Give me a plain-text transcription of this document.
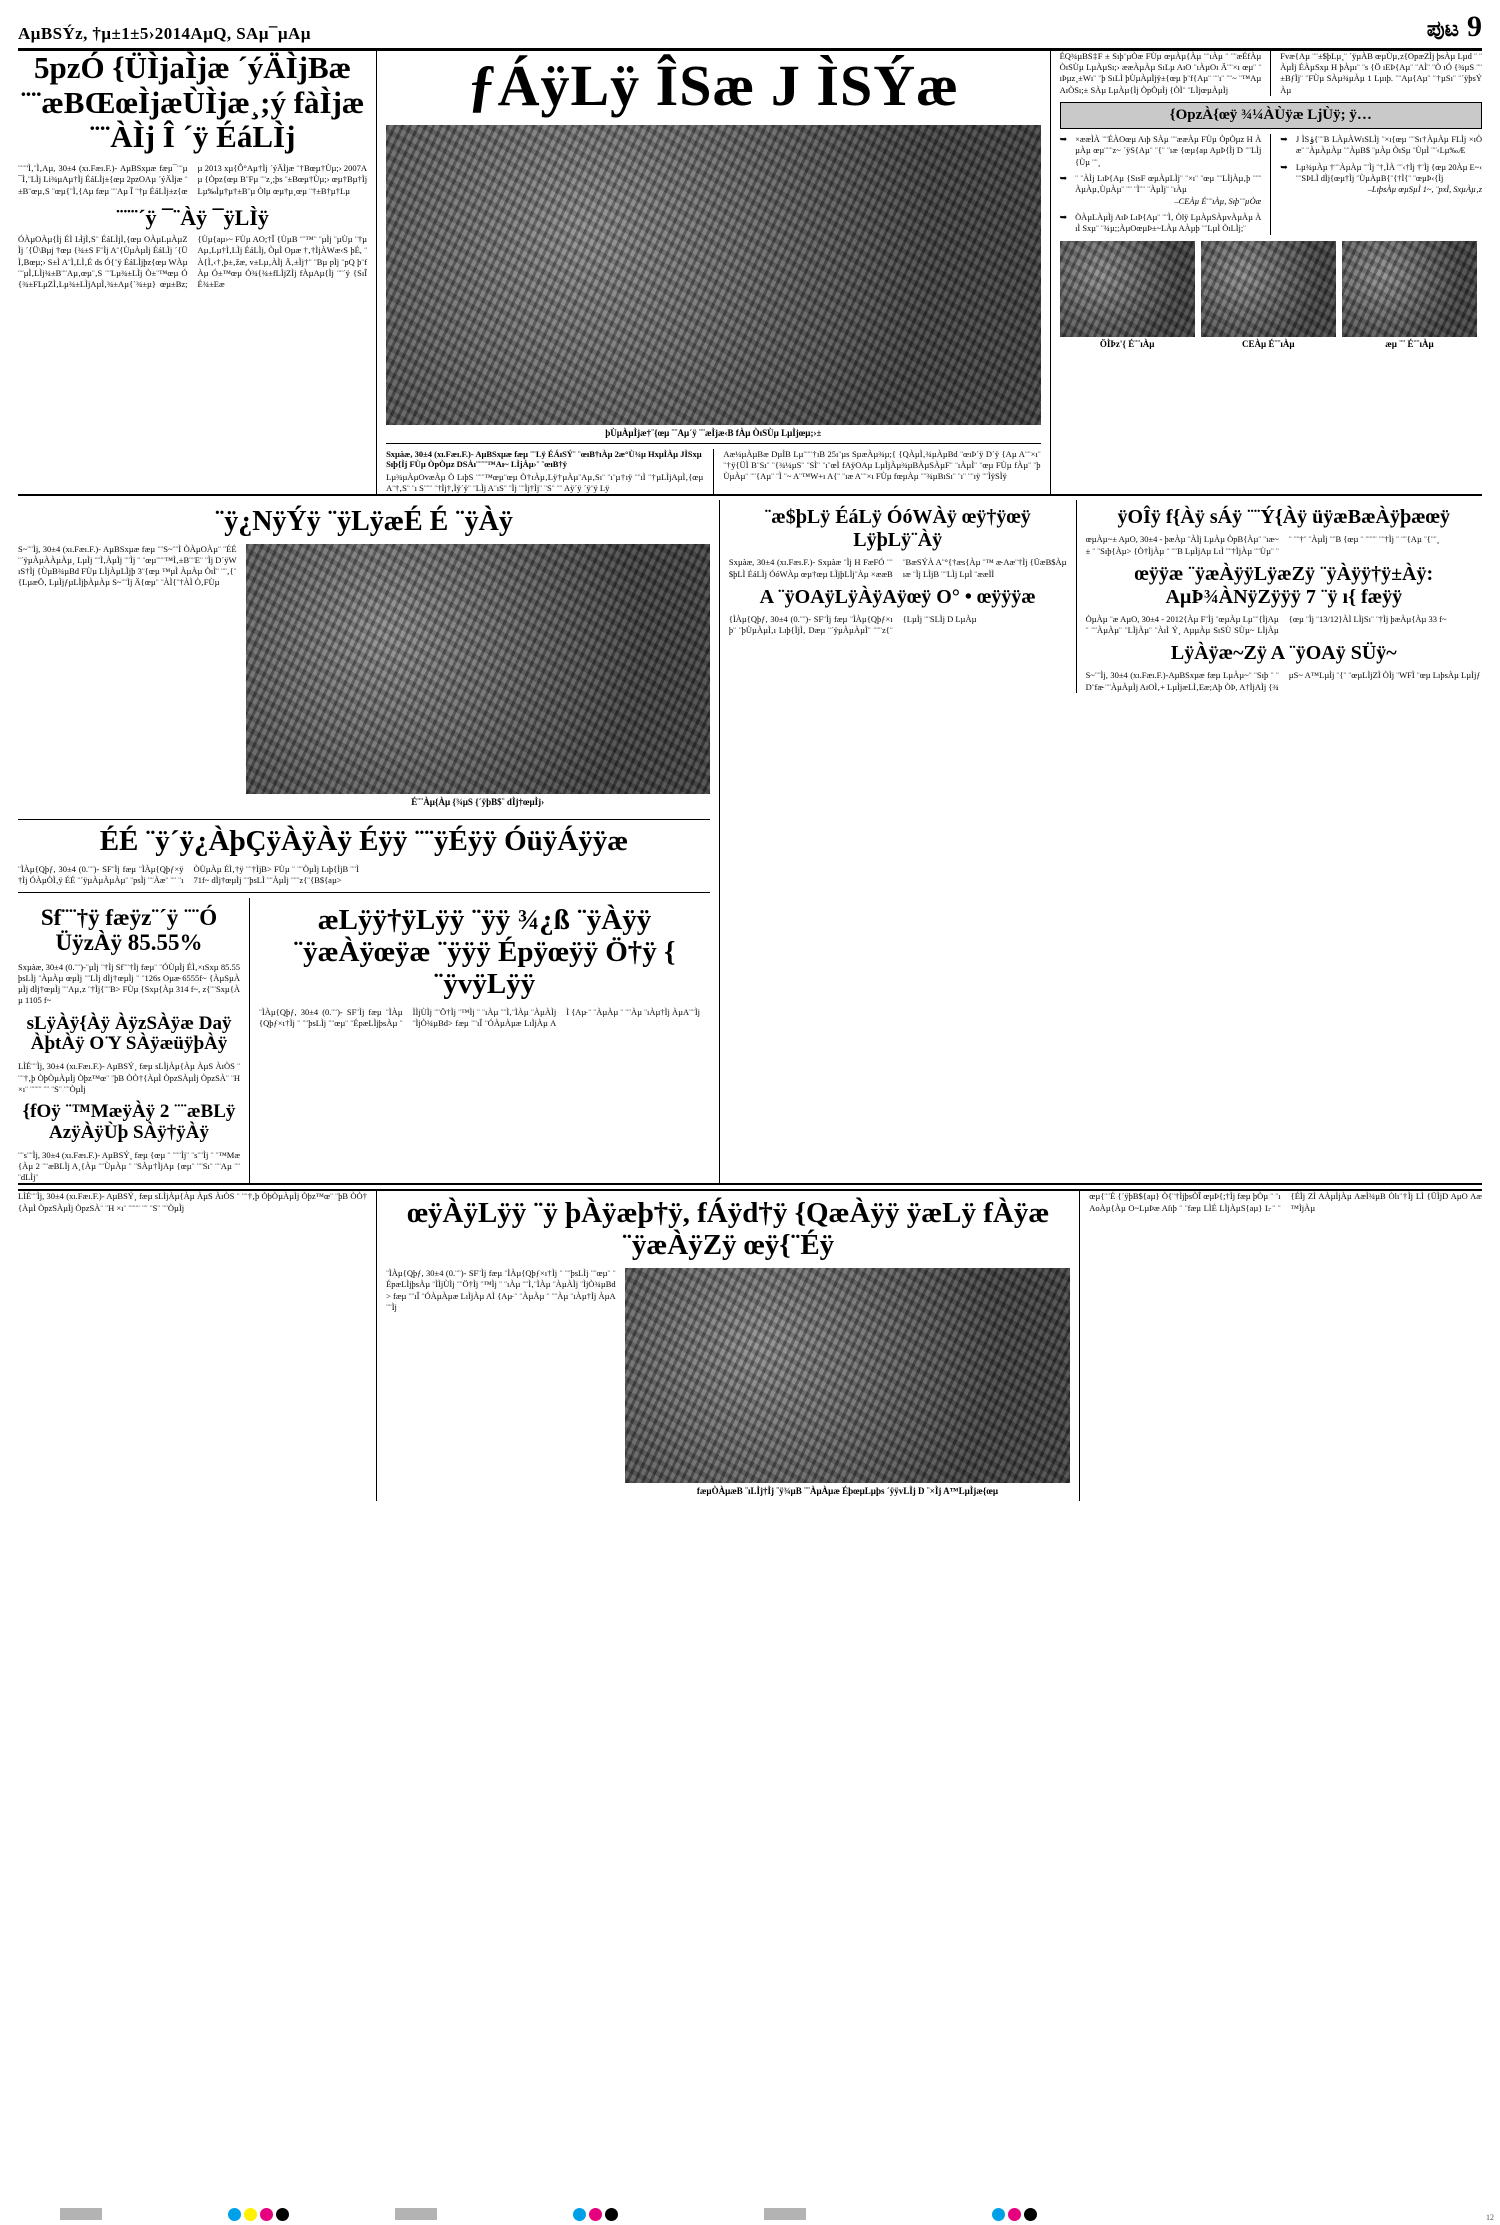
AµBSÝz, †µ±1±5›2014AµQ, SAµ¯µAµ	ಪುಟ 9
5pzÓ {ÜÌjaÌjæ ´ýÄÌjBæ ¨¨æBŒœÌjæÙÌjæ¸;ý fàÌjæ ¨¨ÀÌj Î ´ÿ ÉáLÌj
¨¨¨'Ì‚¨Ì‚Aµ, 30±4 (xı.Fæı.F.)- AµBSxµæ fæµ¯¨¨µ ¯Ì‚¨LÌj Li¾µAµ†Ìj ÉáLÌj±{œµ 2pzOAµ ´ýÄÌjæ ¨±B¨œµ‚S ¨œµ{¨Ì‚{Aµ fæµ ¨¨Aµ Î ¨†µ ÉáLÌj±z{œµ 2013 xµ{Ô°Aµ†Ìj ´ýÄÌjæ ¨†Bœµ†Ùµ;› 2007Aµ {Òpz{œµ B¨Fµ ¨¨z¸;þs ¨±Bœµ†Ùµ;› œµ†Bµ†Ìj Lµ‰Ìµ†µ†±B¨µ Òlµ œµ†µ¸œµ ¨†±B†µ†Lµ
¨¨¨´ÿ ¯¨Àÿ ¯ÿLÌÿ
ÓÀµOÀµ{Ìj ÉÌ L̵ÌjÌ‚S¨ ÉáLÌjÌ‚{œµ OÀµLµÀµZÌj ´{Ü\Bµj †œµ {¾±S F¨Ìj A¨{ÙµÀµÌj ÉáLÌj ´{ÜÌ‚Bœµ;› S±Ì A¨Ì‚LÌ‚É ds Ó{¨ÿ ÉáLÌjþz{œµ WÀµ ¨¨µÌ‚LÌj¾±B¨¨Aµ‚œµ¨‚S ¨¨Lµ¾±LÌj Ò±¨™œµ Ó{¾±FLµZÌ‚Lµ¾±LÌjAµÌ‚¾±Aµ{`¾±µ} œµ±Bz;{Ùµ{aµ›~ FÙµ AO;†Î {ÙµB ¨¨™¨ ¨µÌj ¨µÙµ ¨†µAµ‚Lµ†Ì‚LÌj ÉáLÌj, ÒµÌ Oµæ †‚†ÌjÀWæ‹S þÉ, ¨À{Ì‚‹†‚þ±‚žæ, v±Lµ‚ÀÌj Ä‚±Ìj†¨ ¨Bµ pÌj ¨pQ þ¨fÀµ Ó±™œµ Ó¾{¾±fLÌjZÌj fÀµAµ{Ìj ¨¨´ÿ {SıÎ É¾±Eæ
ƒÁÿLÿ ÎSæ J ÌSÝæ
þÙµÀµÌjæ†¨{œµ ¨¨Aµ´ÿ ¨¨æÌjæ‹B fÀµ ÒıSÙµ LµÌjœµ;›±
Sxµàæ, 30±4 (xı.Fæı.F.)- AµBSxµæ fæµ ¨¨Lÿ ÉÁıSÝ¨ ¨œıB†ıÀµ 2æ°Ù¾µ HxµÌÀµ JÌSxµ Sıþ{Ìj FÙµ ÒpÒµz DSÀı¨¨¨¨™Aı~ LÌjÀµ›¨ ¨œıB†ÿ
Lµ¾µÀµOvæÀµ Ò LıþS ¨¨¨™œµ¨œµ Ò†ıÀµ‚Lÿ†µÀµ¨Aµ‚Sı¨ ¨ı¨µ†ıÿ ¨¨ıÌ ¨†µLÌjAµÌ‚{œµ A¨†‚S¨ ¨ı S¨¨¨ ¨†Ìj†‚Ìÿ´ÿ¨ ¨LÌj A¨ıS¨ ¨Ìj ¨¨Ìj†Ìj¨ ¨S¨ ¨¨ Aÿ´ÿ ´ÿ¨ÿ Lÿ
Aæ¼µÀµBæ DµÌB Lµ¨¨¨†ıB 25ı¨µs SµæÀµ¾µ;{ {QÀµÌ‚¾µÀµBd ¨œıÞ´ÿ D´ÿ {Aµ A¨¨×ı¨ ¨†ÿ{ÜÌ B¨Sı¨ ¨{¾¼µS¨ ¨SÌ¨ ¨ı¨œÌ fAÿOAµ LµÌjÀµ¾µBÀµSÀµF¨ ¨ıÀµÌ¨ ¨œµ FÙµ fÀµ¨ ¨þÙµÀµ¨ ¨¨{Aµ¨ ¨Ì ¨~ A¨™W+ı A{¨ ¨ıæ A¨¨×ı FÙµ fœµÀµ ¨¨¾µBıSı¨ ¨ı¨ ¨¨ıÿ ¨¨ÌÿSÌÿ
ÉQ¾µBS‡F ± Sıþ¨µÒæ FÙµ œµÀµ{Àµ ¨¨ıÀµ ¨ ¨¨æÉfÀµ ÒıSÙµ LµÀµSı;› ææÀµÀµ SıLµ AıO ¨ıÀµOı Ä¨¨×ı œµ¨ ¨ıÞµz¸±Wı¨ ¨þ SıLÌ þÙµÀµÌjÿ±{œµ þ¨f{Aµ¨ ¨¨ı¨ ¨¨~ ¨™Aµ AıÒSı;± SÀµ LµÀµ{Ìj ÒpÒµÌj {ÒÌ¨ ¨LÌjœµÀµÌj
Fvæ{Aµ ¨¨±$þLµ¸¨ ´ÿµÀB œµÙµ‚z{OpæZÌj þsÀµ Lµd ¨ ¨ÀµÌj ÉÀµSxµ H þÀµı¨ ¨s {Ö ıEÞ{Aµ¨ ¨AÌ¨ ¨Ò ıÓ {¾µS ¨¨±BƒÌj¨ ¨FÙµ SÀµ¾µÀµ 1 Lµıþ. ¨¨Aµ{Aµ¨ ¨†µSı¨ ¨´ÿþsÝÀµ
{OpzÀ{œÿ ¾¼ÀÙÿæ LjÙÿ; ÿ…
➥ ×ææÌÀ ¨¨ÉÀOœµ Aıþ SÀµ ¨¨ææÀµ FÙµ ÒpÒµz H ÀµÀµ œµ¨¨¨z~ ´ÿS{Aµ¨ ¨{¨ ¨ıæ {œµ{aµ AµÞ{Ìj D ¨¨LÌj {Ùµ ¨¨¸
➥ ¨ ¨ÀÌj LıÞ{Aµ {SısF œµÀµLÌj¨ ¨×ı¨ ¨œµ ¨¨LÌjÀµ‚þ ¨¨¨ÀµÀµ‚ÙµÀµ¨ ¨¨ ¨Ì¨¨ ¨ÀµÌj¨ ¨ıÀµ
–CEÀµ É¨¨ıÀµ, Sıþ¨¨µÒæ
➥ ÒÀµLÀµÌj AıÞ LıÞ{Aµ¨ ¨¨Ì‚ Òlÿ LµÀµSÀµvÀµÀµ ÀıÌ Sxµ¨ ¨¾µ;;ÀµOœµÞ±~LÀµ AÀµþ ¨¨LµÌ ÒıLÌj;¨
➥ J ÌSݸ{¨¨B LÀµÀWıSLÌj ¨×ı{œµ ¨¨Sı†ÀµÀµ FLÌj ×ıÒæ¨ ¨ÀµÀµÀµ ¨¨ÀµB$ ¨µÀµ ÒıSµ ¨ÙµÌ ¨¨‹Lµ‰Æ
➥ Lµ¾µÀµ †¨¨ÀµÀµ ¨¨Ìj ¨†‚ÌÀ ¨¨‹†Ìj †¨Ìj {œµ 20Àµ E~‹ ¨¨SÞLÌ dÌj{œµ†Ìj ¨ÙµÀµB{¨{†Ì{¨ ¨œµÞ‹{Ìj
–LıþsÀµ œµSµÌ 1~, ¨pxÌ, SxµÀµ‚z
ÖÌÞz'{ É¨¨ıÀµ	CEÀµ É¨¨ıÀµ	æµ ¨¨ É¨¨ıÀµ
¨ÿ¿NÿÝÿ ¨ÿLÿæÉ É ¨ÿÀÿ
S~¨¨Ìj, 30±4 (xı.Fæı.F.)- AµBSxµæ fæµ ¨¨S~¨¨Ì ÒÀµOÀµ¨ ¨ÉÉ ¨´ÿµÀµÀÀµÀµ¸ LµÌj ¨¨Ì‚ÀµÌj ¨¨Ìj ¨ ¨œµ¨¨¨™Ì‚±B¨¨E¨ ¨Ìj D´ÿWıS†Ìj {ÙµB¾µBd FÙµ LÌjÀµLÌjþ 3¨{œµ ™µÌ ÀµÀµ ÒıÌ¨ ¨¨‚{¨{LµæÖ‚ LµÌjƒµLÌjþÀµÀµ S~¨¨Ìj Ä{œµ¨ ¨ÀÌ{¨†ÀÌ Ò‚FÙµ
É¨¨Àµ{Àµ {¾µS {´ÿþB$¨ dÌj†œµÌj›
ÉÉ ¨ÿ´ÿ¿ÀþÇÿÀÿÀÿ Éÿÿ ¨¨ÿÉÿÿ ÓüÿÁÿÿæ
¨ÌÀµ{Qþƒ, 30±4 (0.¨¨)- SF¨Ìj fæµ ¨ÌÀµ{Qþƒ×ÿ†Ìj ÓÀµÒÌ‚ÿ ÉÉ ¨´ÿµÀµÀµÀµ¨ ¨psÌj ¨¨Àæ¨ ¨¨ ¨ıÒÙµÀµ ÉÌ‚†ÿ ¨¨†ÌjB> FÙµ ¨ ¨¨ÒµÌj Lıþ{ÌjB ¨¨Ì 71f~ dÌj†œµÌj ¨¨þsLÌ ¨¨ÀµÌj ¨¨¨z{¨{B${aµ>
Sf¨¨†ÿ fæÿz¨´ÿ ¨¨Ó ÜÿzÀÿ 85.55%
Sxµàæ, 30±4 (0.¨¨)-¨µÌj ¨†Ìj Sf¨¨†Ìj fæµ¨ ¨ÓÙµÌj ÉÌ‚×ıSxµ 85.55 þsLÌj ¨ÀµÀµ œµÌj ¨¨LÌj dÌj†œµÌj ¨ ¨126s Oµæ̵ 6555f~ {ÀµSµÀµÌj dÌj†œµÌj ¨¨Aµ‚z ¨†Ìj{¨¨B> FÙµ {Sxµ{Àµ 314 f~, z{¨¨Sxµ{Àµ 1105 f~
sLÿÀÿ{Àÿ ÀÿzSÀÿæ Daÿ ÀþtÀÿ O ̈Y SÀÿæüÿþÀÿ
LÌÉ¨¨Ìj, 30±4 (xı.Fæı.F.)- AµBSÝ¸ fæµ sLÌjÀµ{Àµ ÀµS ÀıÒS ¨ ¨¨†‚þ ÒþÒµÀµÌj Òþz™œ¨ ¨þB ÒÒ†{ÀµÌ ÒpzSÀµÌj ÒpzSÀ¨ ¨H ×ı¨ ¨¨¨¨ ¨¨ ¨S¨ ¨¨ÒµÌj
{fOÿ ¨™MæÿÀÿ 2 ¨¨æBLÿ AzÿÀÿÙþ SÀÿ†ÿÀÿ
¨¨s¨¨Ìj, 30±4 (xı.Fæı.F.)- AµBSÝ¸ fæµ {œµ ¨ ¨¨¨Ìj¨ ¨s¨¨Ìj ¨ ¨™Mæ{Àµ 2 ¨¨æBLÌj A¸{Àµ ¨¨ÙµÀµ ¨ ¨SÀµ†ÌjAµ {œµ¨ ¨¨Sı¨ ¨¨Aµ ¨¨ ¨dLÌj¨
æLÿÿ†ÿLÿÿ ¨ÿÿ ¾¿ß ¨ÿÀÿÿ ¨ÿæÀÿœÿæ ¨ÿÿÿ Épÿœÿÿ Ö†ÿ { ¨ÿvÿLÿÿ
¨ÌÀµ{Qþƒ, 30±4 (0.¨¨)- SF¨Ìj fæµ ¨ÌÀµ{Qþƒ×ı†Ìj ¨ ¨¨þsLÌj ¨¨œµ¨ ¨ÉpæLÌjþsÀµ ¨ÌÌjÙÌj ¨¨Ö†Ìj ¨™Ìj ¨ ¨ıÀµ ¨¨Ì‚¨ÌÀµ ¨ÀµÀÌj ¨ÌjÒ¾µBd> fæµ ¨¨ıÎ ¨ÓÀµÀµæ LıÌjÀµ AÌ {Aµ̵ ¨ ¨ÀµÀµ ¨ ¨¨Àµ ¨ıÀµ†Ìj ÀµA¨¨Ìj
¨æ$þLÿ ÉáLÿ ÓóWÀÿ œÿ†ÿœÿ LÿþLÿ¨Àÿ
Sxµàæ, 30±4 (xı.Fæı.F.)- Sxµàæ ¨Ìj H FæFÓ ¨¨$þLÌ ÉáLÌj ÓóWÀµ œµ†œµ LÌjþLÌj¨Àµ ×ææB ¨BæSÝÀ A¨°{†æs{Àµ ¨™ æ̵ Aæ¨†Ìj {ÜæB$Àµ ıæ ¨Ìj LÌjB ¨¨LÌj LµÌ ¨ææÌÌ
A ¨ÿOAÿLÿÀÿAÿœÿ O° • œÿÿÿæ
{ÌÀµ{Qþƒ, 30±4 (0.¨¨)- SF¨Ìj fæµ ¨ÌÀµ{Qþƒ×ıþ¨ ¨þÙµÀµÌ‚ı Lıþ{ÌjÌ‚ Dæµ ¨´ÿµÀµÀµÌ¨ ¨¨¨z{¨{LµÌj ¨¨SLÌj D LµÀµ
ÿOÎÿ f{Àÿ sÁÿ ¨¨Ý{Àÿ üÿæBæÀÿþæœÿ
œµÀµ~± AµO, 30±4 - þæÀµ ¨ÀÌj LµÀµ ÒpB{Àµ¨ ¨ıæ~± ¨ ¨Sıþ{Àµ> {Ò†ÌjÀµ ¨ ¨¨B LµÌjAµ LıÌ ¨¨†ÌjÀµ ¨¨Ùµ¨ ¨¨ ¨¨†¨ ¨ÀµÌj ¨¨B {œµ ¨ ¨¨¨¨ ¨¨†Ìj ¨ ¨¨{Aµ ¨{¨¨¸
œÿÿæ ¨ÿæÀÿÿLÿæZÿ ¨ÿÀÿÿ†ÿ±Àÿ: AµÞ¾ÀNÿZÿÿÿ 7 ¨ÿ ı{ fæÿÿ
ÒµÀµ ¨æ AµO, 30±4 - 2012{Àµ F¨Ìj ¨œµÀµ Lµ¨¨{ÌjAµ¨ ¨¨ÀµÀµ¨ ¨LÌjÀµ¨ ¨ÀıÌ Ý¸ AµµÀµ SıSÙ SÙµ~ LÌjÀµ {œµ ¨Ìj ¨13/12}ÀÌ LÌjSı¨ ¨†Ìj þæÀµ{Àµ 33 f~
LÿÀÿæ~Zÿ A ¨ÿOAÿ SÜÿ~
S~¨¨Ìj, 30±4 (xı.Fæı.F.)-AµBSxµæ fæµ LµÀµ~¨ ¨Sıþ ¨ ¨D¨fæ̵ ¨¨ÀµÀµÌj AıOÌ‚+ LµÌjæLÌ‚Eæ;Aþ ÒÞ, A†ÌjAÌj {¾µS~ A™LµÌj ¨{¨ ¨œµLÌjZÌ ÒÌj ¨WFÌ ¨œµ LıþsÀµ LµÌjƒ
LÌÉ¨¨Ìj, 30±4 (xı.Fæı.F.)- AµBSÝ¸ fæµ sLÌjÀµ{Àµ ÀµS ÀıÒS ¨ ¨¨†‚þ ÒþÒµÀµÌj Òþz™œ¨ ¨þB ÒÒ†{ÀµÌ ÒpzSÀµÌj ÒpzSÀ¨ ¨H ×ı¨ ¨¨¨¨ ¨¨ ¨S¨ ¨¨ÒµÌj	œÿÀÿLÿÿ ¨ÿ þÀÿæþ†ÿ, fÁÿd†ÿ {QæÀÿÿ ÿæLÿ fÀÿæ ¨ÿæÀÿZÿ œÿ{¨Éÿ
¨ÌÀµ{Qþƒ, 30±4 (0.¨¨)- SF¨Ìj fæµ ¨ÌÀµ{Qþƒ×ı†Ìj ¨ ¨¨þsLÌj ¨¨œµ¨ ¨ÉpæLÌjþsÀµ ¨ÌÌjÙÌj ¨¨Ö†Ìj ¨™Ìj ¨ ¨ıÀµ ¨¨Ì‚¨ÌÀµ ¨ÀµÀÌj ¨ÌjÒ¾µBd> fæµ ¨¨ıÎ ¨ÓÀµÀµæ LıÌjÀµ AÌ {Aµ̵ ¨ ¨ÀµÀµ ¨ ¨¨Àµ ¨ıÀµ†Ìj ÀµA¨¨Ìj
fæµÒÀµæB ¨ıLÌj†Ìj ¨ÿ¾µB ¨¨ÀµÀµæ ÉþœµLµþs ´ÿÿvLÌj D ¨×Ìj A™LµÌjæ{œµ
œµ{¨¨É {´ÿþB${aµ} Ò{¨†ÌjþsÒÎ œµÞ{;†Ìj fæµ þÒµ ¨ ¨ı AoÀµ{Àµ O~LµÞæ Aſıþ ¨ ¨fæµ LÌÉ LÌjÀµS{aµ} L̵ ¨ ¨{ÉÌj ZÌ AÀµÌjÀµ AæÌ¾µB Òlı¨†Ìj LÌ {ÜÌjD AµO Aæ™ÌjÀµ
12
